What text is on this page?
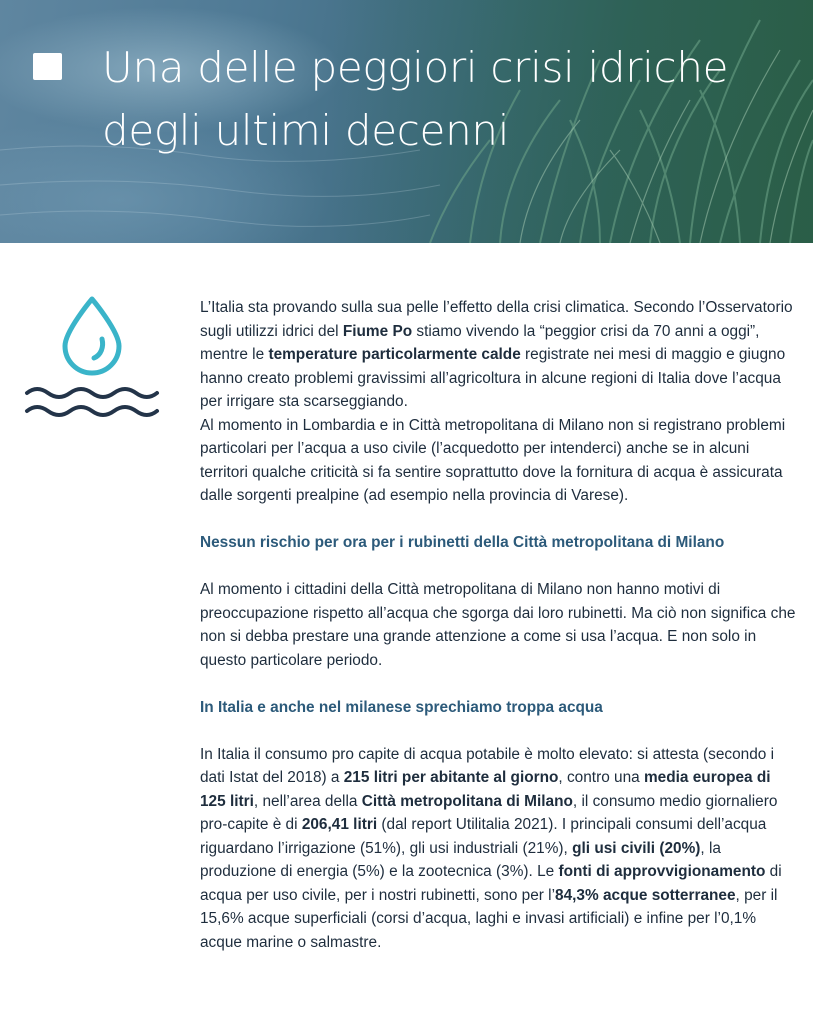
Una delle peggiori crisi idriche degli ultimi decenni

L’Italia sta provando sulla sua pelle l’effetto della crisi climatica. Secondo l’Osservatorio sugli utilizzi idrici del Fiume Po stiamo vivendo la “peggior crisi da 70 anni a oggi”, mentre le temperature particolarmente calde registrate nei mesi di maggio e giugno hanno creato problemi gravissimi all’agricoltura in alcune regioni di Italia dove l’acqua per irrigare sta scarseggiando.

Al momento in Lombardia e in Città metropolitana di Milano non si registrano problemi particolari per l’acqua a uso civile (l’acquedotto per intenderci) anche se in alcuni territori qualche criticità si fa sentire soprattutto dove la fornitura di acqua è assicurata dalle sorgenti prealpine (ad esempio nella provincia di Varese).

Nessun rischio per ora per i rubinetti della Città metropolitana di Milano

Al momento i cittadini della Città metropolitana di Milano non hanno motivi di preoccupazione rispetto all’acqua che sgorga dai loro rubinetti. Ma ciò non significa che non si debba prestare una grande attenzione a come si usa l’acqua. E non solo in questo particolare periodo.

In Italia e anche nel milanese sprechiamo troppa acqua

In Italia il consumo pro capite di acqua potabile è molto elevato: si attesta (secondo i dati Istat del 2018) a 215 litri per abitante al giorno, contro una media europea di 125 litri, nell’area della Città metropolitana di Milano, il consumo medio giornaliero pro-capite è di 206,41 litri (dal report Utilitalia 2021). I principali consumi dell’acqua riguardano l’irrigazione (51%), gli usi industriali (21%), gli usi civili (20%), la produzione di energia (5%) e la zootecnica (3%). Le fonti di approvvigionamento di acqua per uso civile, per i nostri rubinetti, sono per l’84,3% acque sotterranee, per il 15,6% acque superficiali (corsi d’acqua, laghi e invasi artificiali) e infine per l’0,1% acque marine o salmastre.
